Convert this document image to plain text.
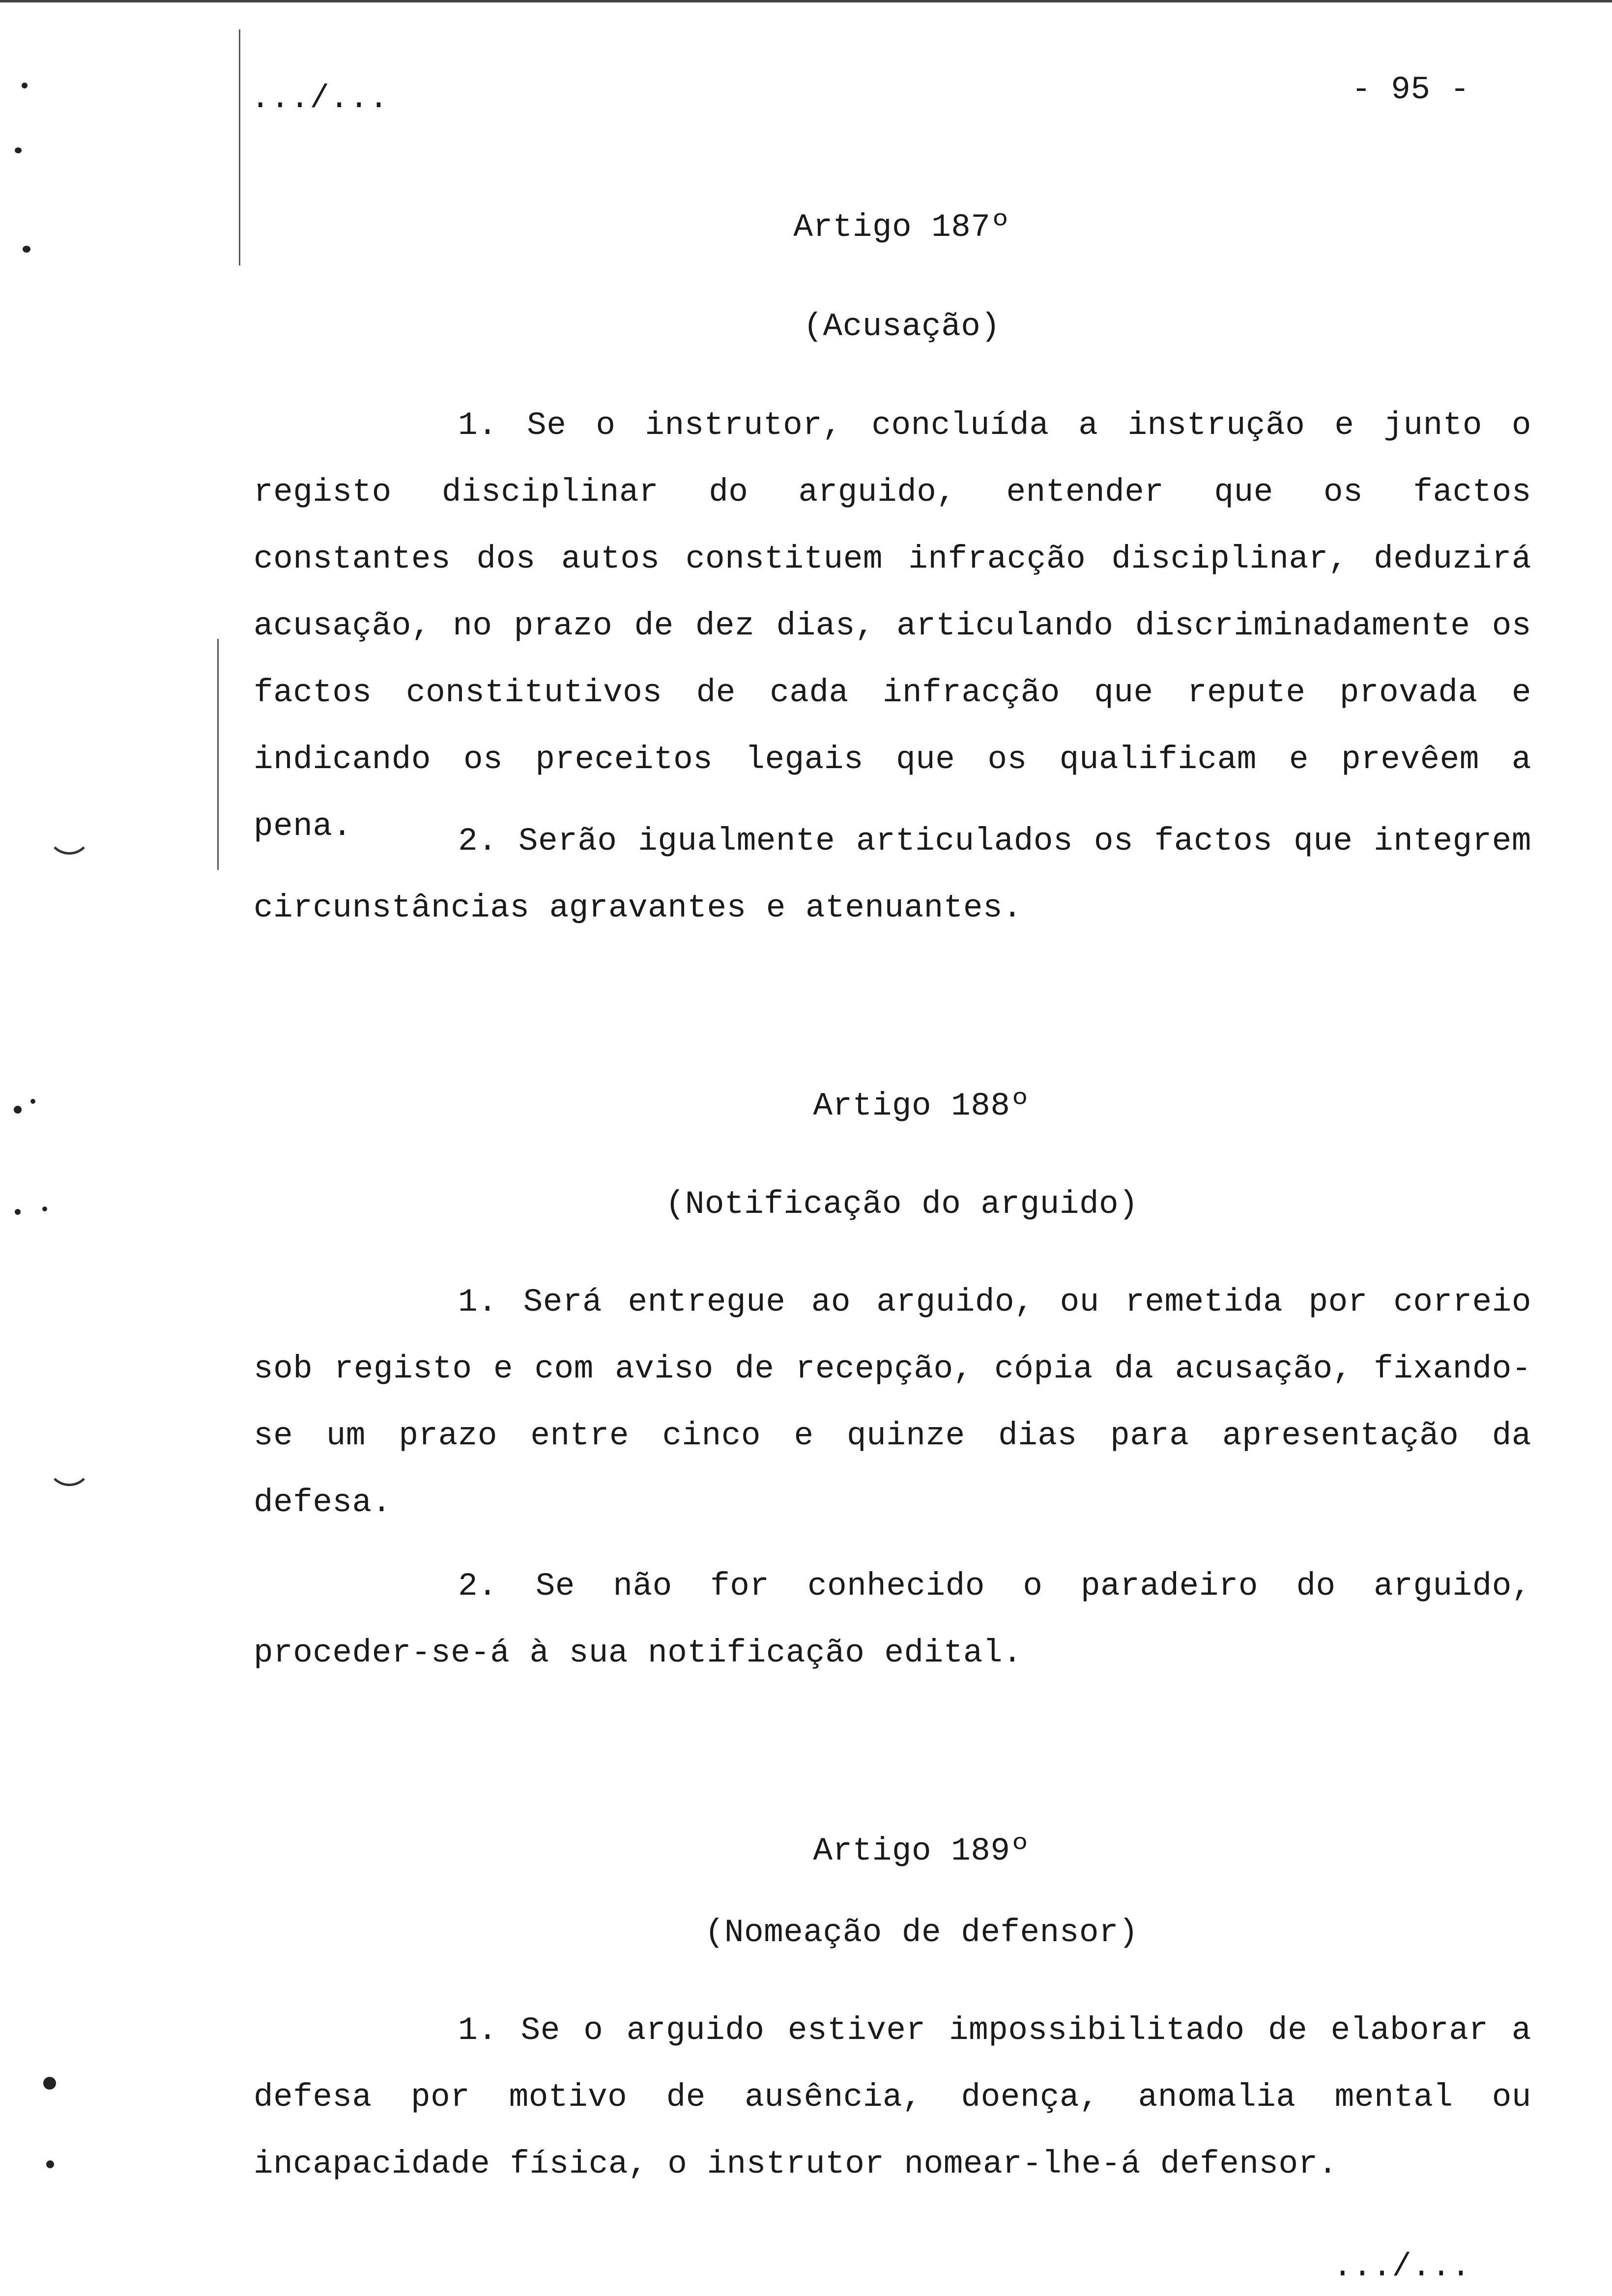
.../...	- 95 -
Artigo 187º
(Acusação)
1. Se o instrutor, concluída a instrução e junto o registo disciplinar do arguido, entender que os factos constantes dos autos constituem infracção disciplinar, deduzirá acusação, no prazo de dez dias, articulando discriminadamente os factos constitutivos de cada infracção que repute provada e indicando os preceitos legais que os qualificam e prevêem a pena.	2. Serão igualmente articulados os factos que integrem circunstâncias agravantes e atenuantes.
Artigo 188º
(Notificação do arguido)
1. Será entregue ao arguido, ou remetida por correio sob registo e com aviso de recepção, cópia da acusação, fixando-se um prazo entre cinco e quinze dias para apresentação da defesa.
2. Se não for conhecido o paradeiro do arguido, proceder-se-á à sua notificação edital.
Artigo 189º
(Nomeação de defensor)
1. Se o arguido estiver impossibilitado de elaborar a defesa por motivo de ausência, doença, anomalia mental ou incapacidade física, o instrutor nomear-lhe-á defensor.
.../...
